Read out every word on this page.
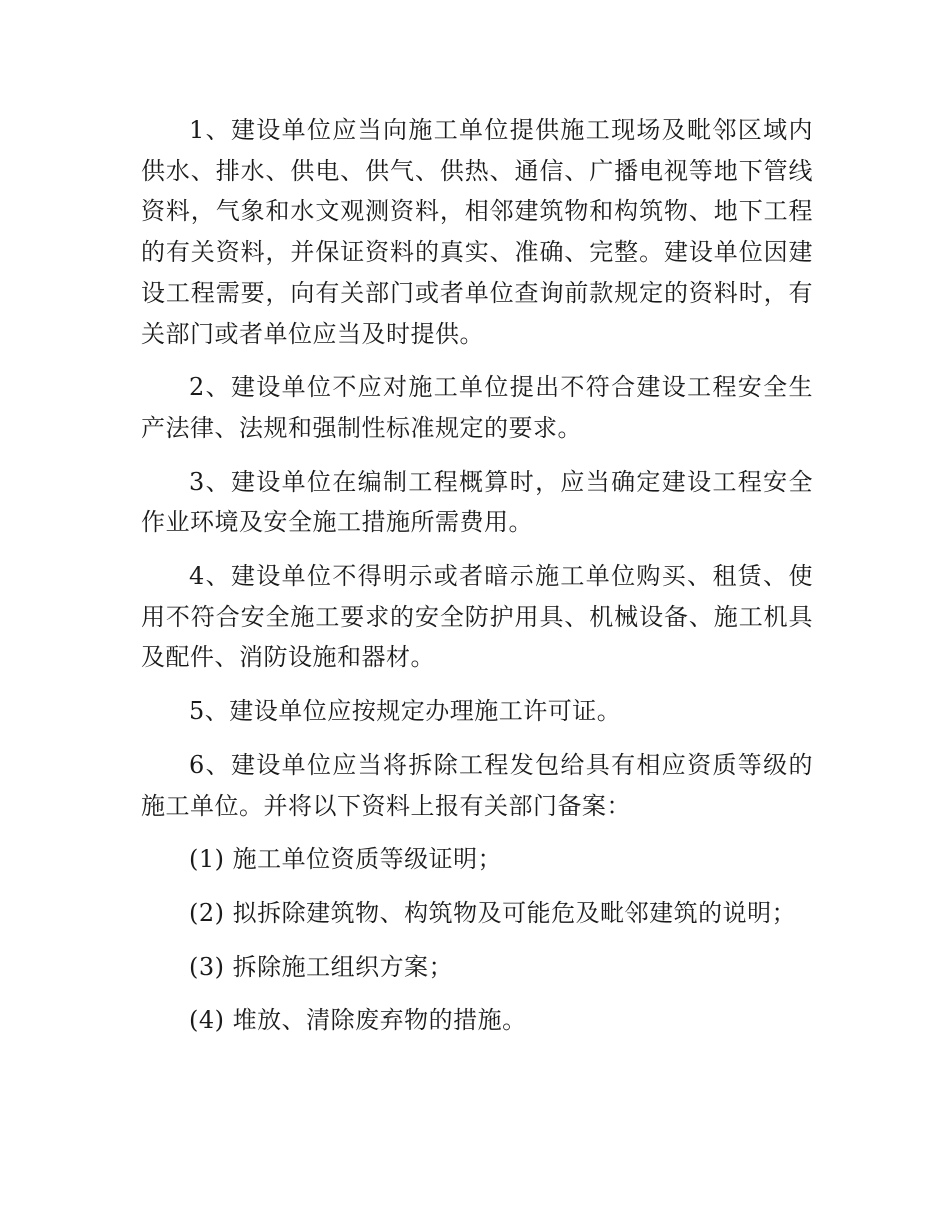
1、建设单位应当向施工单位提供施工现场及毗邻区域内供水、排水、供电、供气、供热、通信、广播电视等地下管线资料，气象和水文观测资料，相邻建筑物和构筑物、地下工程的有关资料，并保证资料的真实、准确、完整。建设单位因建设工程需要，向有关部门或者单位查询前款规定的资料时，有关部门或者单位应当及时提供。

2、建设单位不应对施工单位提出不符合建设工程安全生产法律、法规和强制性标准规定的要求。

3、建设单位在编制工程概算时，应当确定建设工程安全作业环境及安全施工措施所需费用。

4、建设单位不得明示或者暗示施工单位购买、租赁、使用不符合安全施工要求的安全防护用具、机械设备、施工机具及配件、消防设施和器材。

5、建设单位应按规定办理施工许可证。

6、建设单位应当将拆除工程发包给具有相应资质等级的施工单位。并将以下资料上报有关部门备案：

(1) 施工单位资质等级证明；

(2) 拟拆除建筑物、构筑物及可能危及毗邻建筑的说明；

(3) 拆除施工组织方案；

(4) 堆放、清除废弃物的措施。
